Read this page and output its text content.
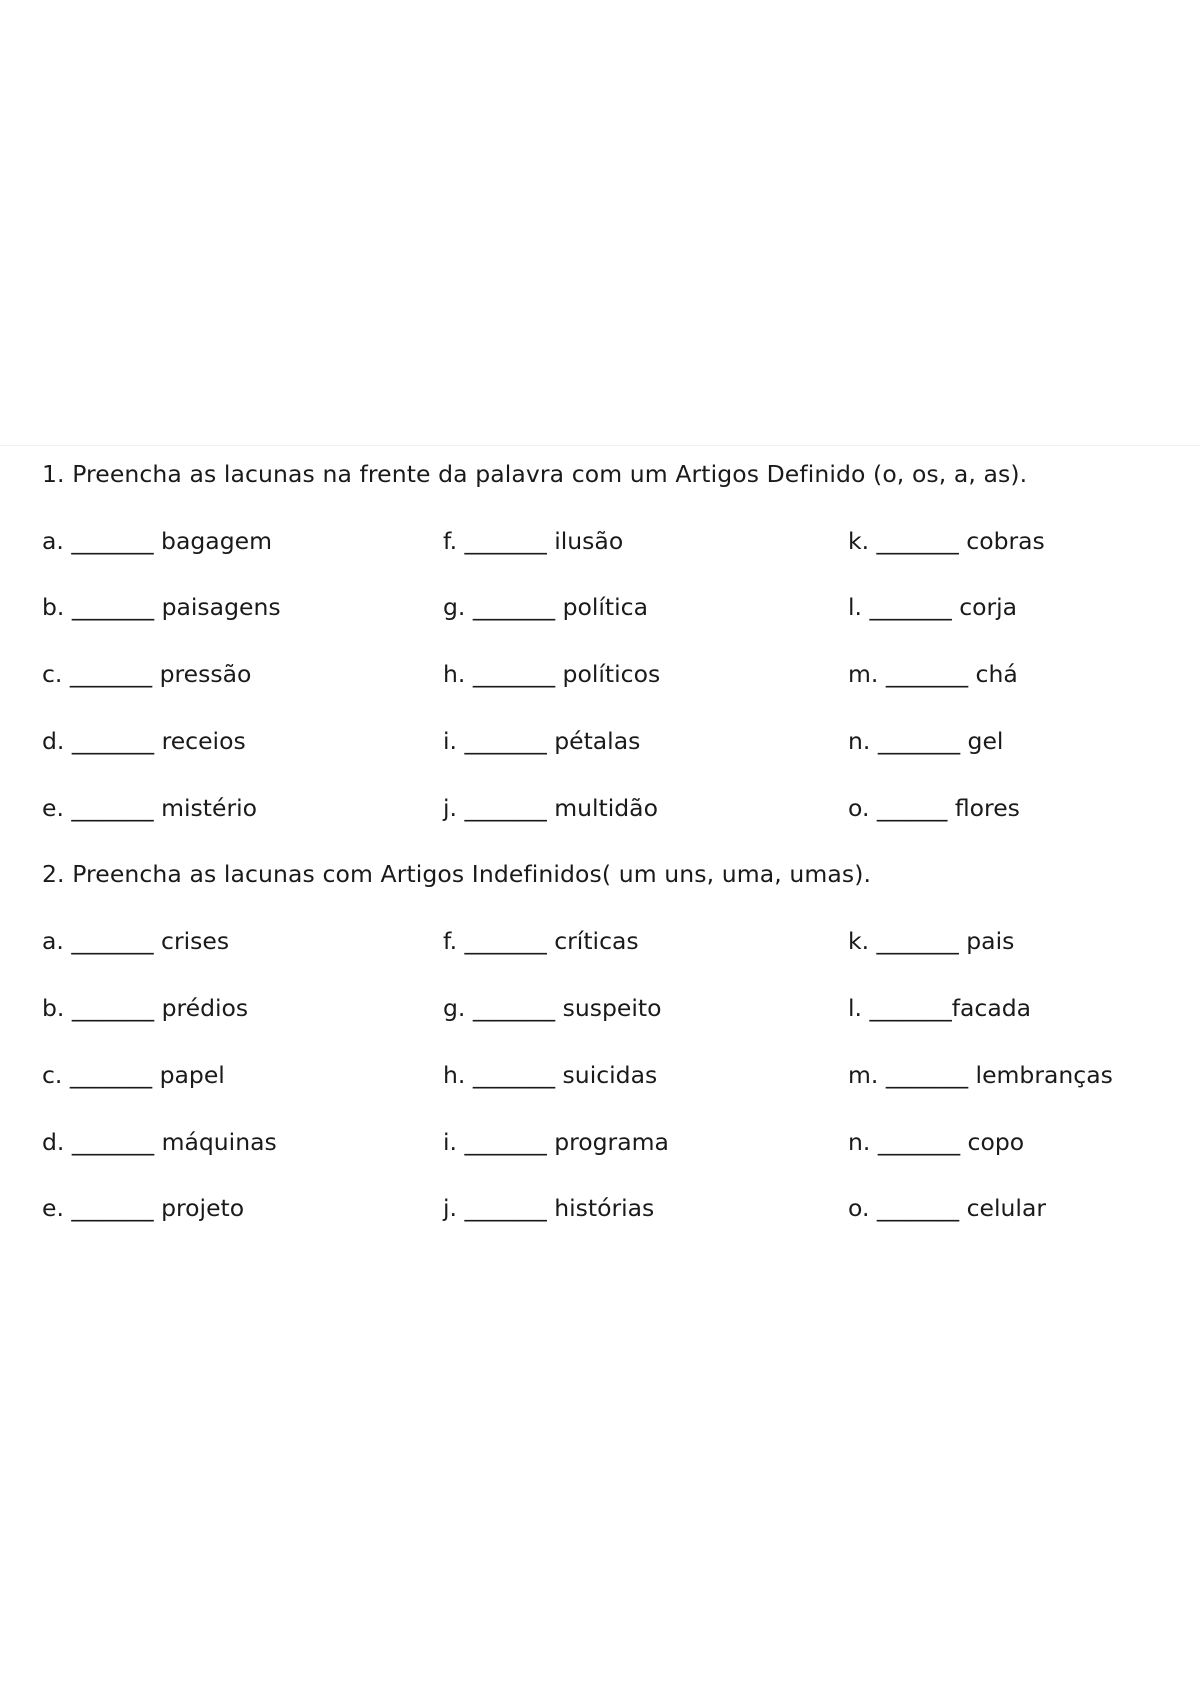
1. Preencha as lacunas na frente da palavra com um Artigos Definido (o, os, a, as).
a. _______ bagagem	f. _______ ilusão	k. _______ cobras
b. _______ paisagens	g. _______ política	l. _______ corja
c. _______ pressão	h. _______ políticos	m. _______ chá
d. _______ receios	i. _______ pétalas	n. _______ gel
e. _______ mistério	j. _______ multidão	o. ______ flores
2. Preencha as lacunas com Artigos Indefinidos( um uns, uma, umas).
a. _______ crises	f. _______ críticas	k. _______ pais
b. _______ prédios	g. _______ suspeito	l. _______facada
c. _______ papel	h. _______ suicidas	m. _______ lembranças
d. _______ máquinas	i. _______ programa	n. _______ copo
e. _______ projeto	j. _______ histórias	o. _______ celular
